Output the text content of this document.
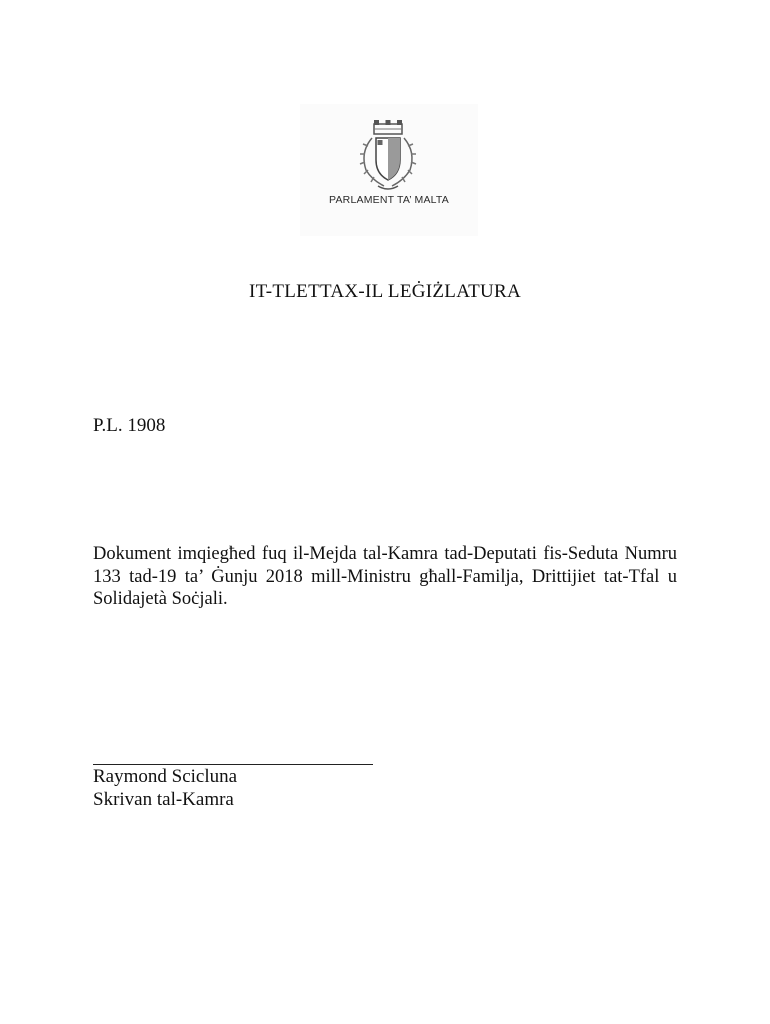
PARLAMENT TA’ MALTA
IT-TLETTAX-IL LEĠIŻLATURA
P.L. 1908
Dokument imqiegħed fuq il-Mejda tal-Kamra tad-Deputati fis-Seduta Numru 133 tad-19 ta’ Ġunju 2018 mill-Ministru għall-Familja, Drittijiet tat-Tfal u Solidajetà Soċjali.
Raymond Scicluna
Skrivan tal-Kamra
